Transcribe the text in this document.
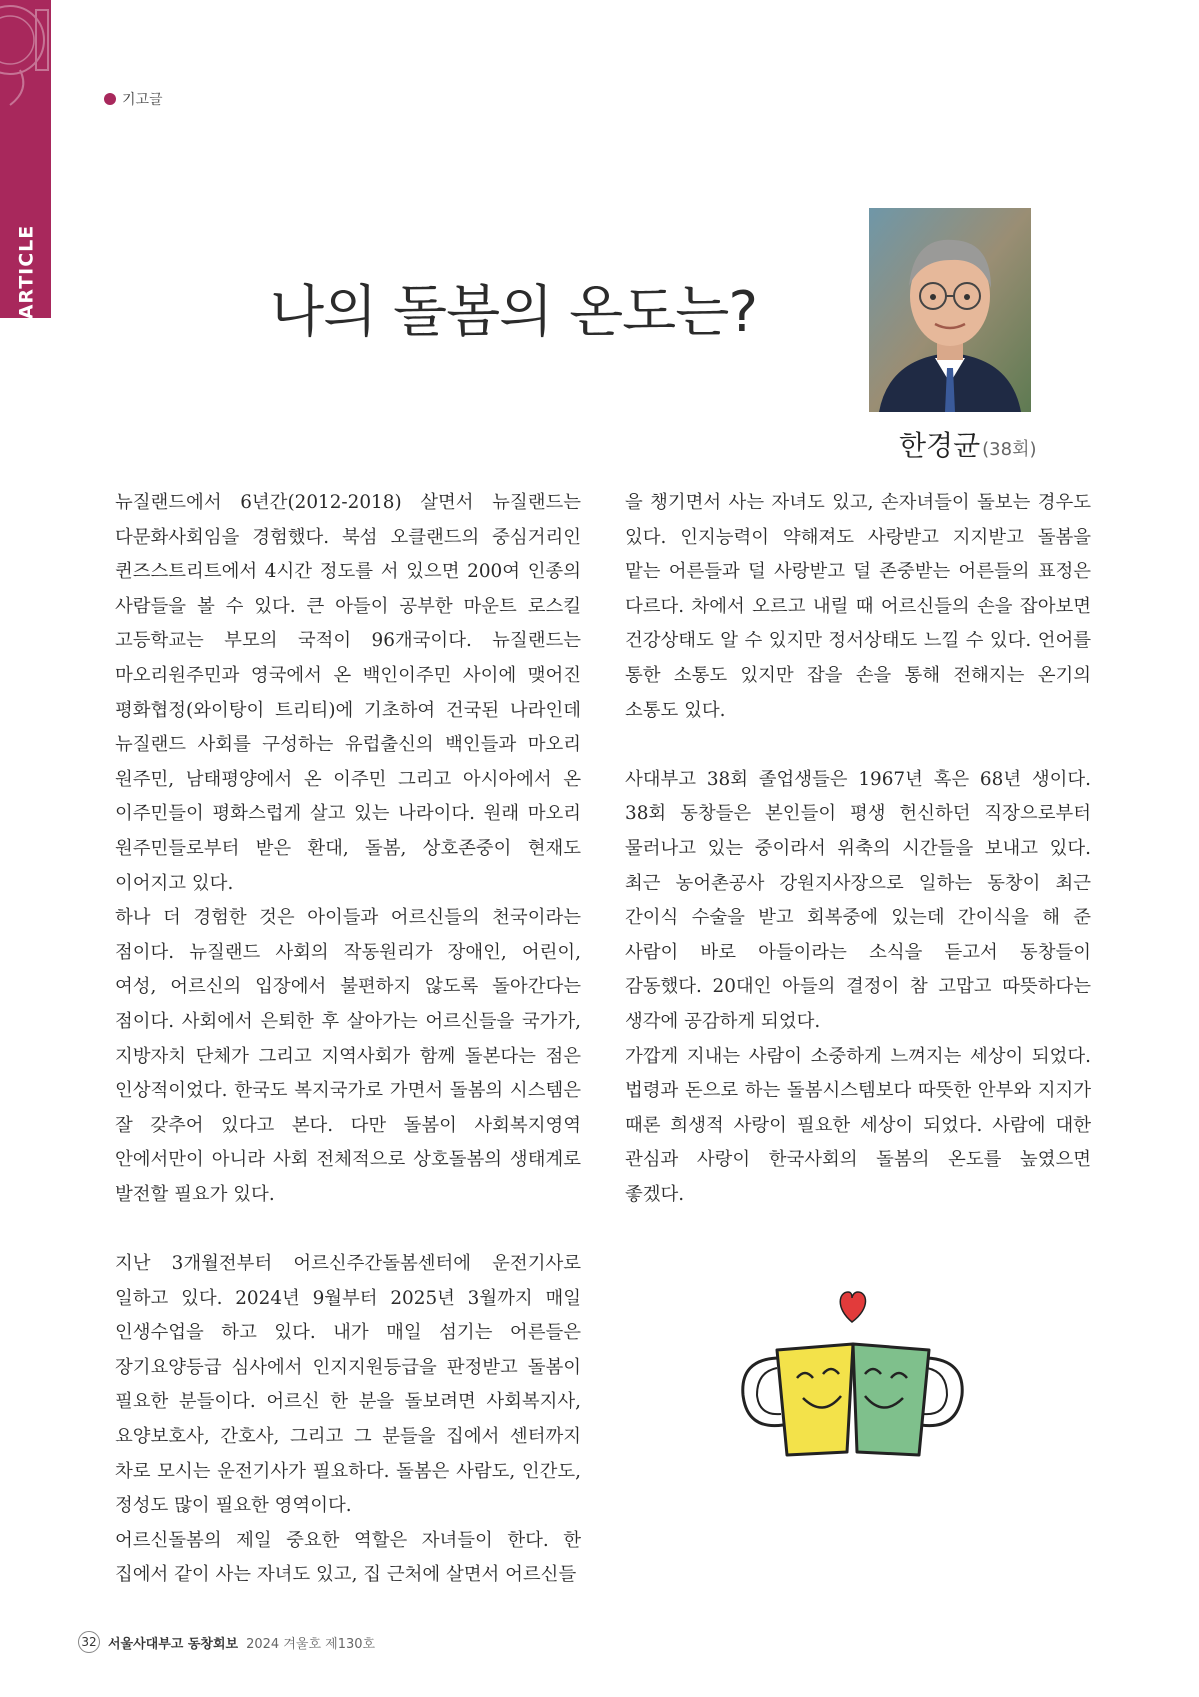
ARTICLE
기고글
나의 돌봄의 온도는?
한경균 (38회)

뉴질랜드에서 6년간(2012-2018) 살면서 뉴질랜드는 다문화사회임을 경험했다. 북섬 오클랜드의 중심거리인 퀸즈스트리트에서 4시간 정도를 서 있으면 200여 인종의 사람들을 볼 수 있다. 큰 아들이 공부한 마운트 로스킬 고등학교는 부모의 국적이 96개국이다. 뉴질랜드는 마오리원주민과 영국에서 온 백인이주민 사이에 맺어진 평화협정(와이탕이 트리티)에 기초하여 건국된 나라인데 뉴질랜드 사회를 구성하는 유럽출신의 백인들과 마오리 원주민, 남태평양에서 온 이주민 그리고 아시아에서 온 이주민들이 평화스럽게 살고 있는 나라이다. 원래 마오리 원주민들로부터 받은 환대, 돌봄, 상호존중이 현재도 이어지고 있다.

하나 더 경험한 것은 아이들과 어르신들의 천국이라는 점이다. 뉴질랜드 사회의 작동원리가 장애인, 어린이, 여성, 어르신의 입장에서 불편하지 않도록 돌아간다는 점이다. 사회에서 은퇴한 후 살아가는 어르신들을 국가가, 지방자치 단체가 그리고 지역사회가 함께 돌본다는 점은 인상적이었다. 한국도 복지국가로 가면서 돌봄의 시스템은 잘 갖추어 있다고 본다. 다만 돌봄이 사회복지영역 안에서만이 아니라 사회 전체적으로 상호돌봄의 생태계로 발전할 필요가 있다.

지난 3개월전부터 어르신주간돌봄센터에 운전기사로 일하고 있다. 2024년 9월부터 2025년 3월까지 매일 인생수업을 하고 있다. 내가 매일 섬기는 어른들은 장기요양등급 심사에서 인지지원등급을 판정받고 돌봄이 필요한 분들이다. 어르신 한 분을 돌보려면 사회복지사, 요양보호사, 간호사, 그리고 그 분들을 집에서 센터까지 차로 모시는 운전기사가 필요하다. 돌봄은 사람도, 인간도, 정성도 많이 필요한 영역이다.

어르신돌봄의 제일 중요한 역할은 자녀들이 한다. 한 집에서 같이 사는 자녀도 있고, 집 근처에 살면서 어르신들

을 챙기면서 사는 자녀도 있고, 손자녀들이 돌보는 경우도 있다. 인지능력이 약해져도 사랑받고 지지받고 돌봄을 맡는 어른들과 덜 사랑받고 덜 존중받는 어른들의 표정은 다르다. 차에서 오르고 내릴 때 어르신들의 손을 잡아보면 건강상태도 알 수 있지만 정서상태도 느낄 수 있다. 언어를 통한 소통도 있지만 잡을 손을 통해 전해지는 온기의 소통도 있다.

사대부고 38회 졸업생들은 1967년 혹은 68년 생이다. 38회 동창들은 본인들이 평생 헌신하던 직장으로부터 물러나고 있는 중이라서 위축의 시간들을 보내고 있다. 최근 농어촌공사 강원지사장으로 일하는 동창이 최근 간이식 수술을 받고 회복중에 있는데 간이식을 해 준 사람이 바로 아들이라는 소식을 듣고서 동창들이 감동했다. 20대인 아들의 결정이 참 고맙고 따뜻하다는 생각에 공감하게 되었다.

가깝게 지내는 사람이 소중하게 느껴지는 세상이 되었다. 법령과 돈으로 하는 돌봄시스템보다 따뜻한 안부와 지지가 때론 희생적 사랑이 필요한 세상이 되었다. 사람에 대한 관심과 사랑이 한국사회의 돌봄의 온도를 높였으면 좋겠다.

32 서울사대부고 동창회보 2024 겨울호 제130호
